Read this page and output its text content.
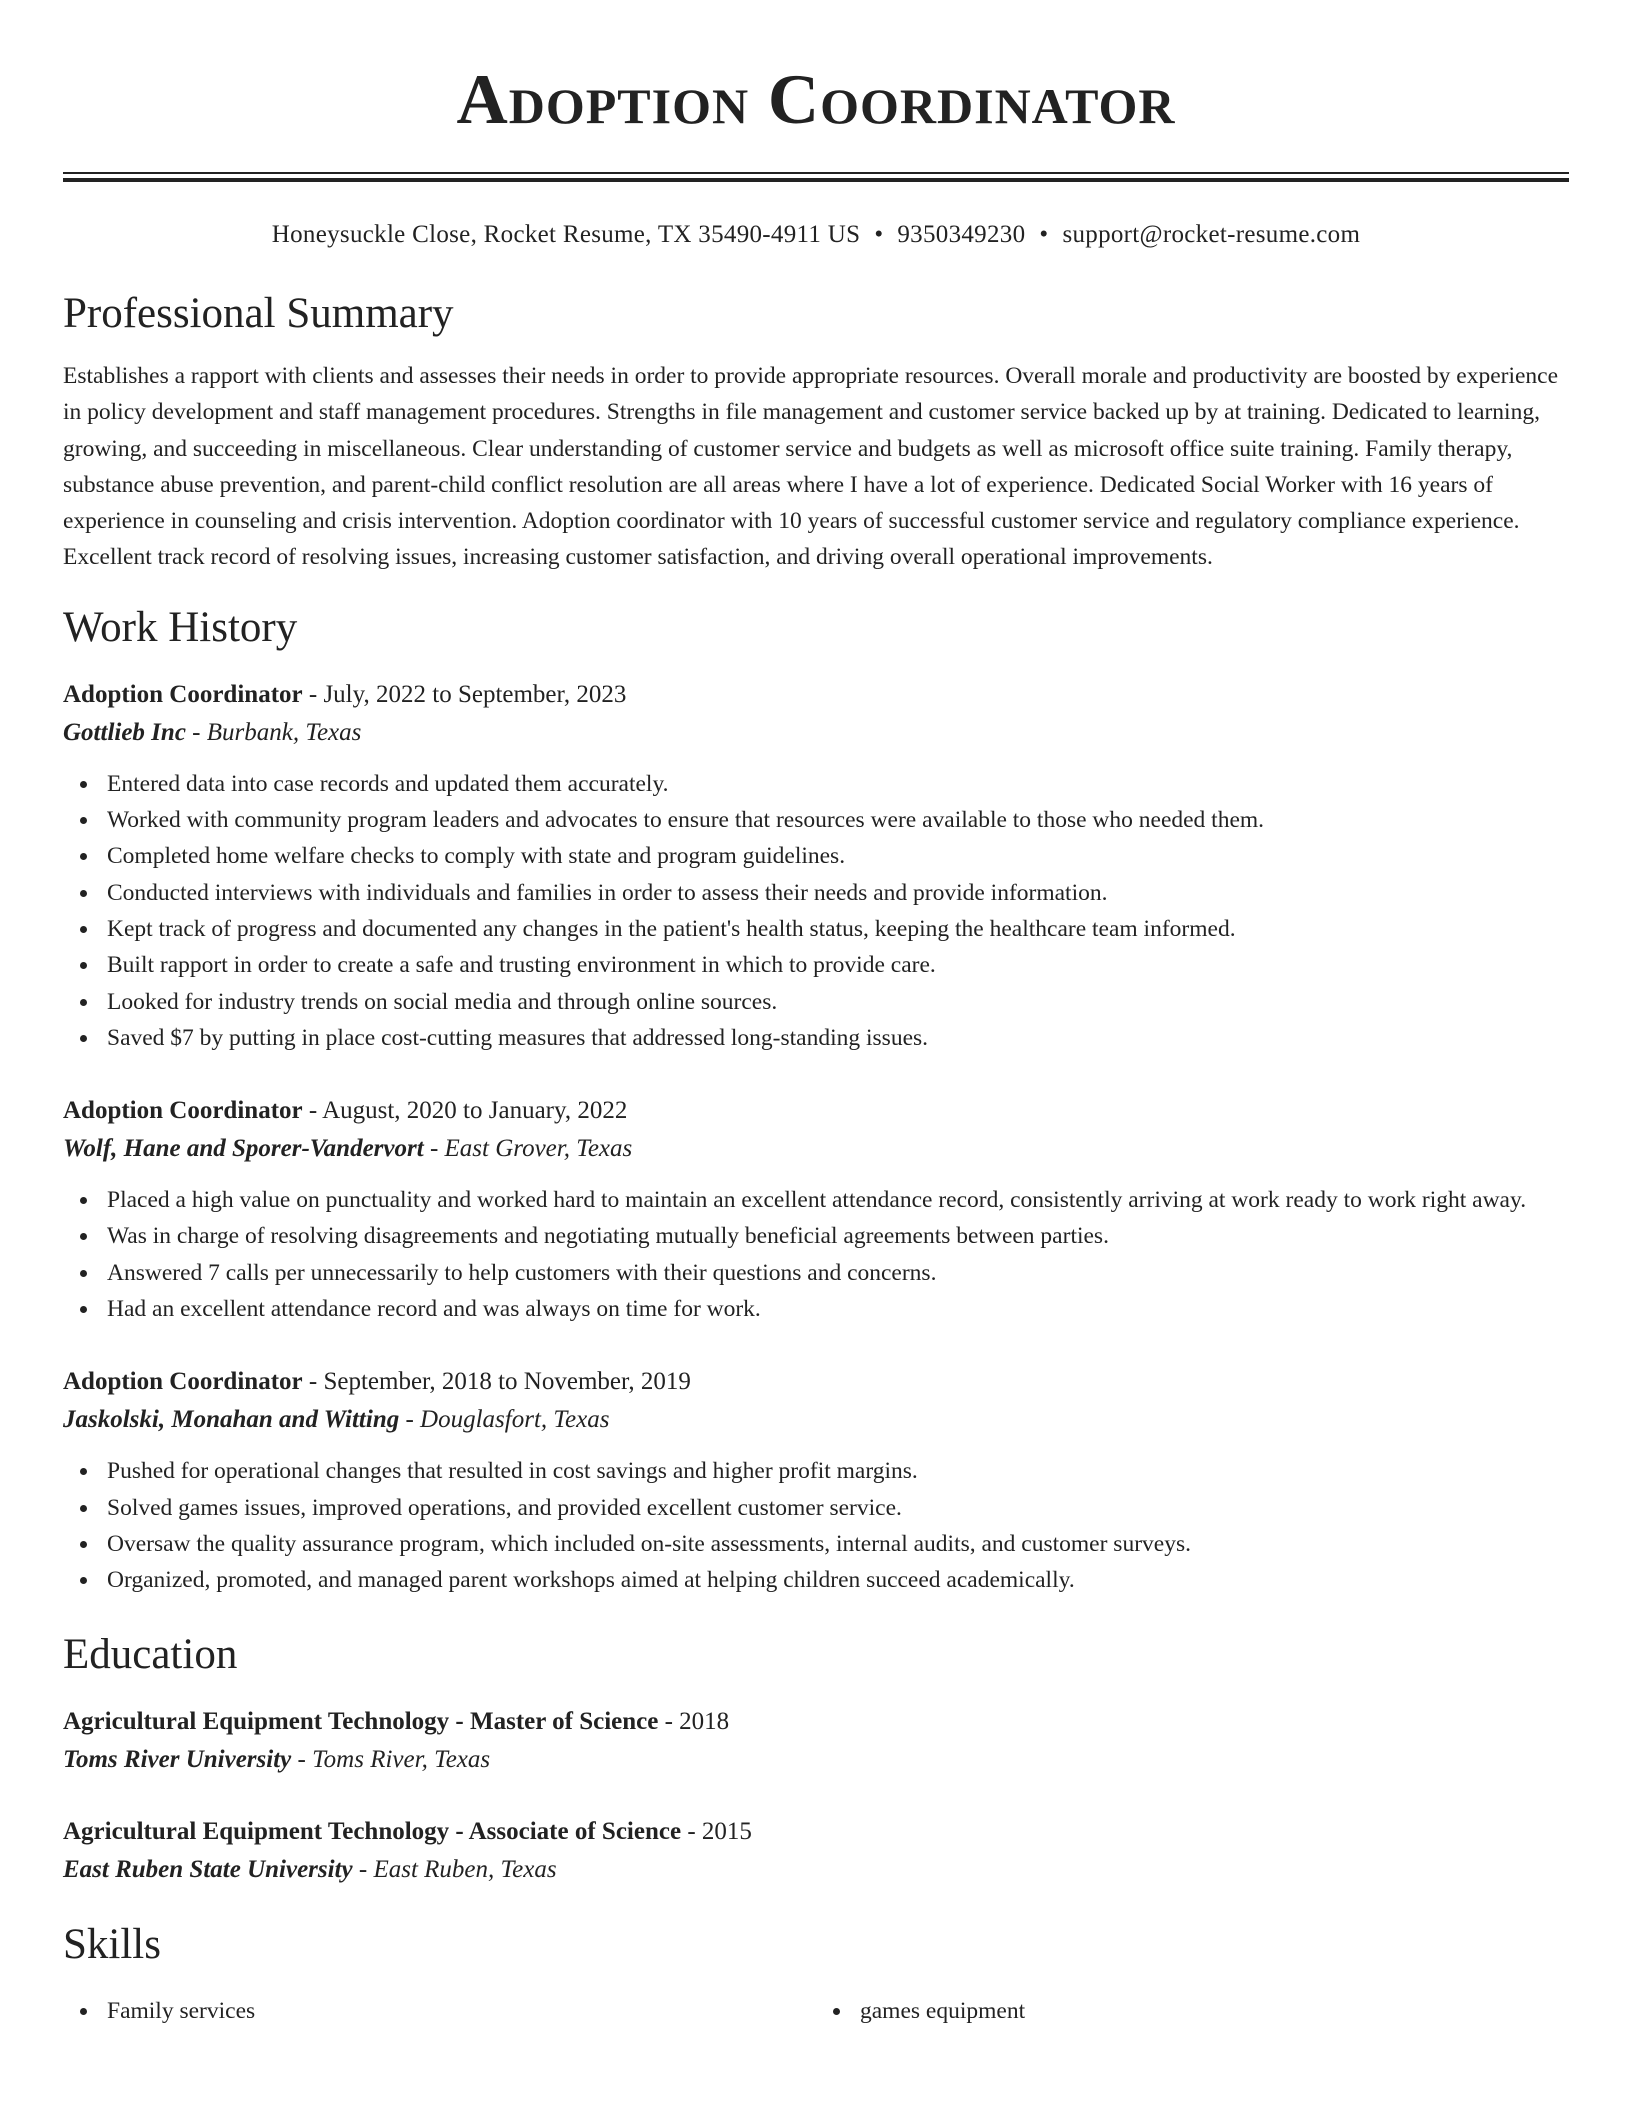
Adoption Coordinator
Honeysuckle Close, Rocket Resume, TX 35490-4911 US • 9350349230 • support@rocket-resume.com
Professional Summary

Establishes a rapport with clients and assesses their needs in order to provide appropriate resources. Overall morale and productivity are boosted by experience in policy development and staff management procedures. Strengths in file management and customer service backed up by at training. Dedicated to learning, growing, and succeeding in miscellaneous. Clear understanding of customer service and budgets as well as microsoft office suite training. Family therapy, substance abuse prevention, and parent-child conflict resolution are all areas where I have a lot of experience. Dedicated Social Worker with 16 years of experience in counseling and crisis intervention. Adoption coordinator with 10 years of successful customer service and regulatory compliance experience. Excellent track record of resolving issues, increasing customer satisfaction, and driving overall operational improvements.

Work History
Adoption Coordinator - July, 2022 to September, 2023
Gottlieb Inc - Burbank, Texas
Entered data into case records and updated them accurately.
Worked with community program leaders and advocates to ensure that resources were available to those who needed them.
Completed home welfare checks to comply with state and program guidelines.
Conducted interviews with individuals and families in order to assess their needs and provide information.
Kept track of progress and documented any changes in the patient's health status, keeping the healthcare team informed.
Built rapport in order to create a safe and trusting environment in which to provide care.
Looked for industry trends on social media and through online sources.
Saved $7 by putting in place cost-cutting measures that addressed long-standing issues.
Adoption Coordinator - August, 2020 to January, 2022
Wolf, Hane and Sporer-Vandervort - East Grover, Texas
Placed a high value on punctuality and worked hard to maintain an excellent attendance record, consistently arriving at work ready to work right away.
Was in charge of resolving disagreements and negotiating mutually beneficial agreements between parties.
Answered 7 calls per unnecessarily to help customers with their questions and concerns.
Had an excellent attendance record and was always on time for work.
Adoption Coordinator - September, 2018 to November, 2019
Jaskolski, Monahan and Witting - Douglasfort, Texas
Pushed for operational changes that resulted in cost savings and higher profit margins.
Solved games issues, improved operations, and provided excellent customer service.
Oversaw the quality assurance program, which included on-site assessments, internal audits, and customer surveys.
Organized, promoted, and managed parent workshops aimed at helping children succeed academically.
Education
Agricultural Equipment Technology - Master of Science - 2018
Toms River University - Toms River, Texas
Agricultural Equipment Technology - Associate of Science - 2015
East Ruben State University - East Ruben, Texas
Skills
Family services	games equipment
